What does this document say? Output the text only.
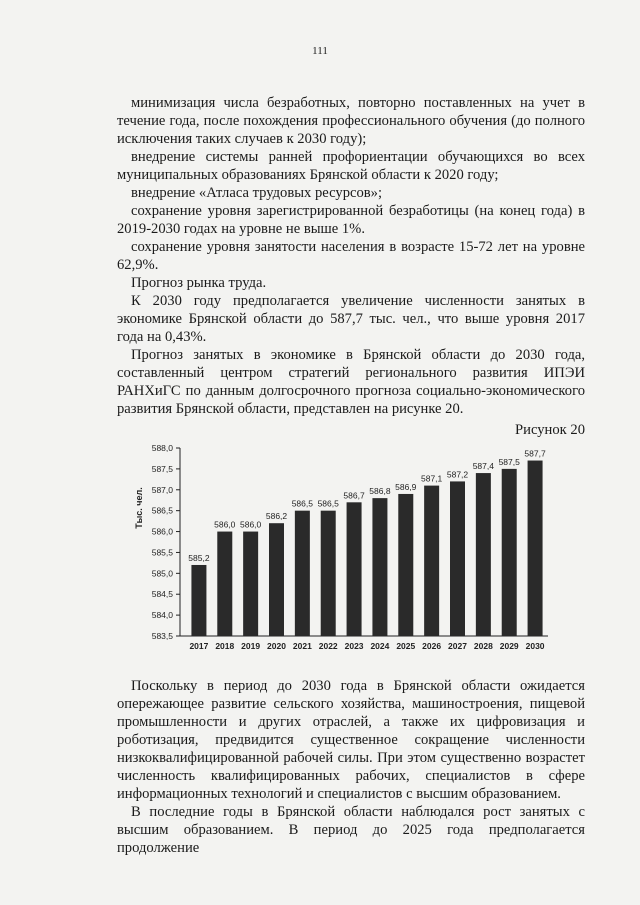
111

минимизация числа безработных, повторно поставленных на учет в течение года, после похождения профессионального обучения (до полного исключения таких случаев к 2030 году);

внедрение системы ранней профориентации обучающихся во всех муниципальных образованиях Брянской области к 2020 году;

внедрение «Атласа трудовых ресурсов»;

сохранение уровня зарегистрированной безработицы (на конец года) в 2019-2030 годах на уровне не выше 1%.

сохранение уровня занятости населения в возрасте 15-72 лет на уровне 62,9%.

Прогноз рынка труда.

К 2030 году предполагается увеличение численности занятых в экономике Брянской области до 587,7 тыс. чел., что выше уровня 2017 года на 0,43%.

Прогноз занятых в экономике в Брянской области до 2030 года, составленный центром стратегий регионального развития ИПЭИ РАНХиГС по данным долгосрочного прогноза социально-экономического развития Брянской области, представлен на рисунке 20.

Рисунок 20
Тыс. чел.
583,5
584,0
584,5
585,0
585,5
586,0
586,5
587,0
587,5
588,0
585,2
2017
586,0
2018
586,0
2019
586,2
2020
586,5
2021
586,5
2022
586,7
2023
586,8
2024
586,9
2025
587,1
2026
587,2
2027
587,4
2028
587,5
2029
587,7
2030

Поскольку в период до 2030 года в Брянской области ожидается опережающее развитие сельского хозяйства, машиностроения, пищевой промышленности и других отраслей, а также их цифровизация и роботизация, предвидится существенное сокращение численности низкоквалифицированной рабочей силы. При этом существенно возрастет численность квалифицированных рабочих, специалистов в сфере информационных технологий и специалистов с высшим образованием.

В последние годы в Брянской области наблюдался рост занятых с высшим образованием. В период до 2025 года предполагается продолжение
